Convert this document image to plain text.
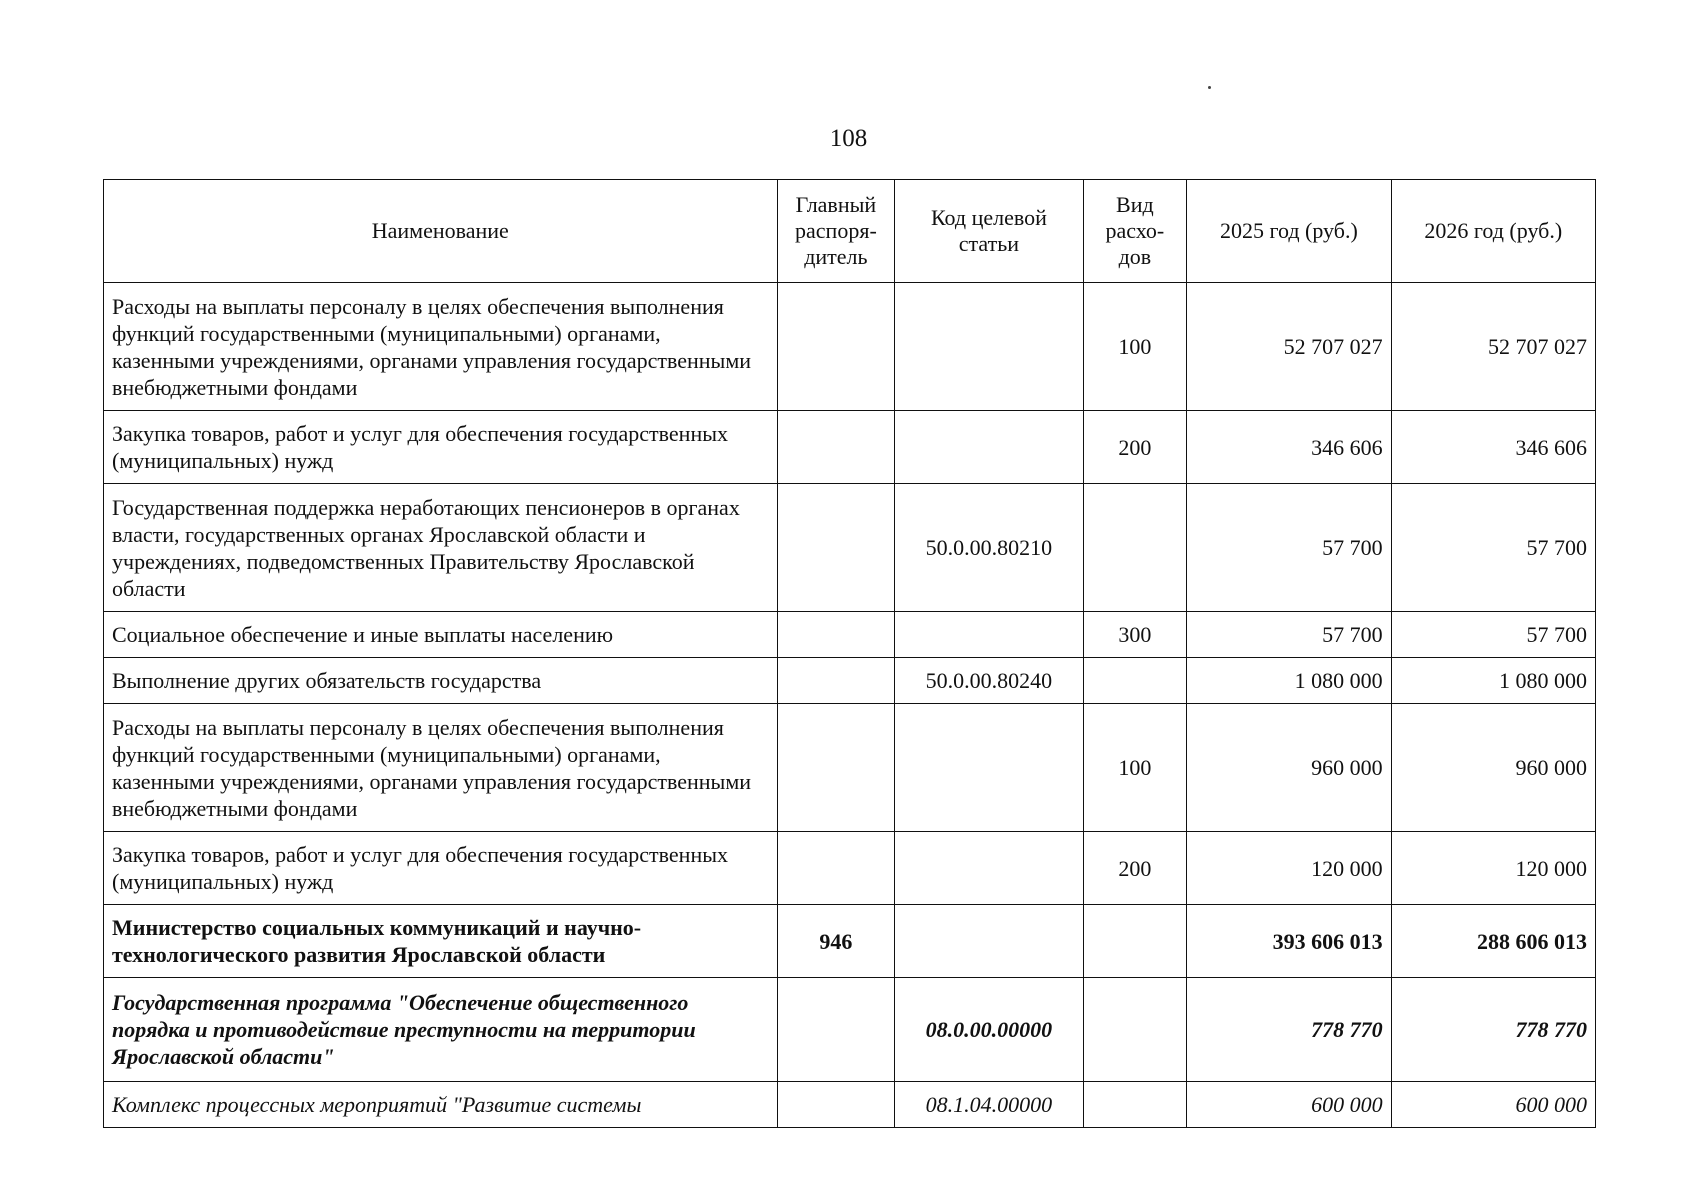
108
Наименование	Главный распоря-дитель	Код целевой статьи	Вид расхо-дов	2025 год (руб.)	2026 год (руб.)
Расходы на выплаты персоналу в целях обеспечения выполнения функций государственными (муниципальными) органами, казенными учреждениями, органами управления государственными внебюджетными фондами			100	52 707 027	52 707 027
Закупка товаров, работ и услуг для обеспечения государственных (муниципальных) нужд			200	346 606	346 606
Государственная поддержка неработающих пенсионеров в органах власти, государственных органах Ярославской области и учреждениях, подведомственных Правительству Ярославской области		50.0.00.80210		57 700	57 700
Социальное обеспечение и иные выплаты населению			300	57 700	57 700
Выполнение других обязательств государства		50.0.00.80240		1 080 000	1 080 000
Расходы на выплаты персоналу в целях обеспечения выполнения функций государственными (муниципальными) органами, казенными учреждениями, органами управления государственными внебюджетными фондами			100	960 000	960 000
Закупка товаров, работ и услуг для обеспечения государственных (муниципальных) нужд			200	120 000	120 000
Министерство социальных коммуникаций и научно-технологического развития Ярославской области	946			393 606 013	288 606 013
Государственная программа "Обеспечение общественного порядка и противодействие преступности на территории Ярославской области"		08.0.00.00000		778 770	778 770
Комплекс процессных мероприятий "Развитие системы		08.1.04.00000		600 000	600 000
